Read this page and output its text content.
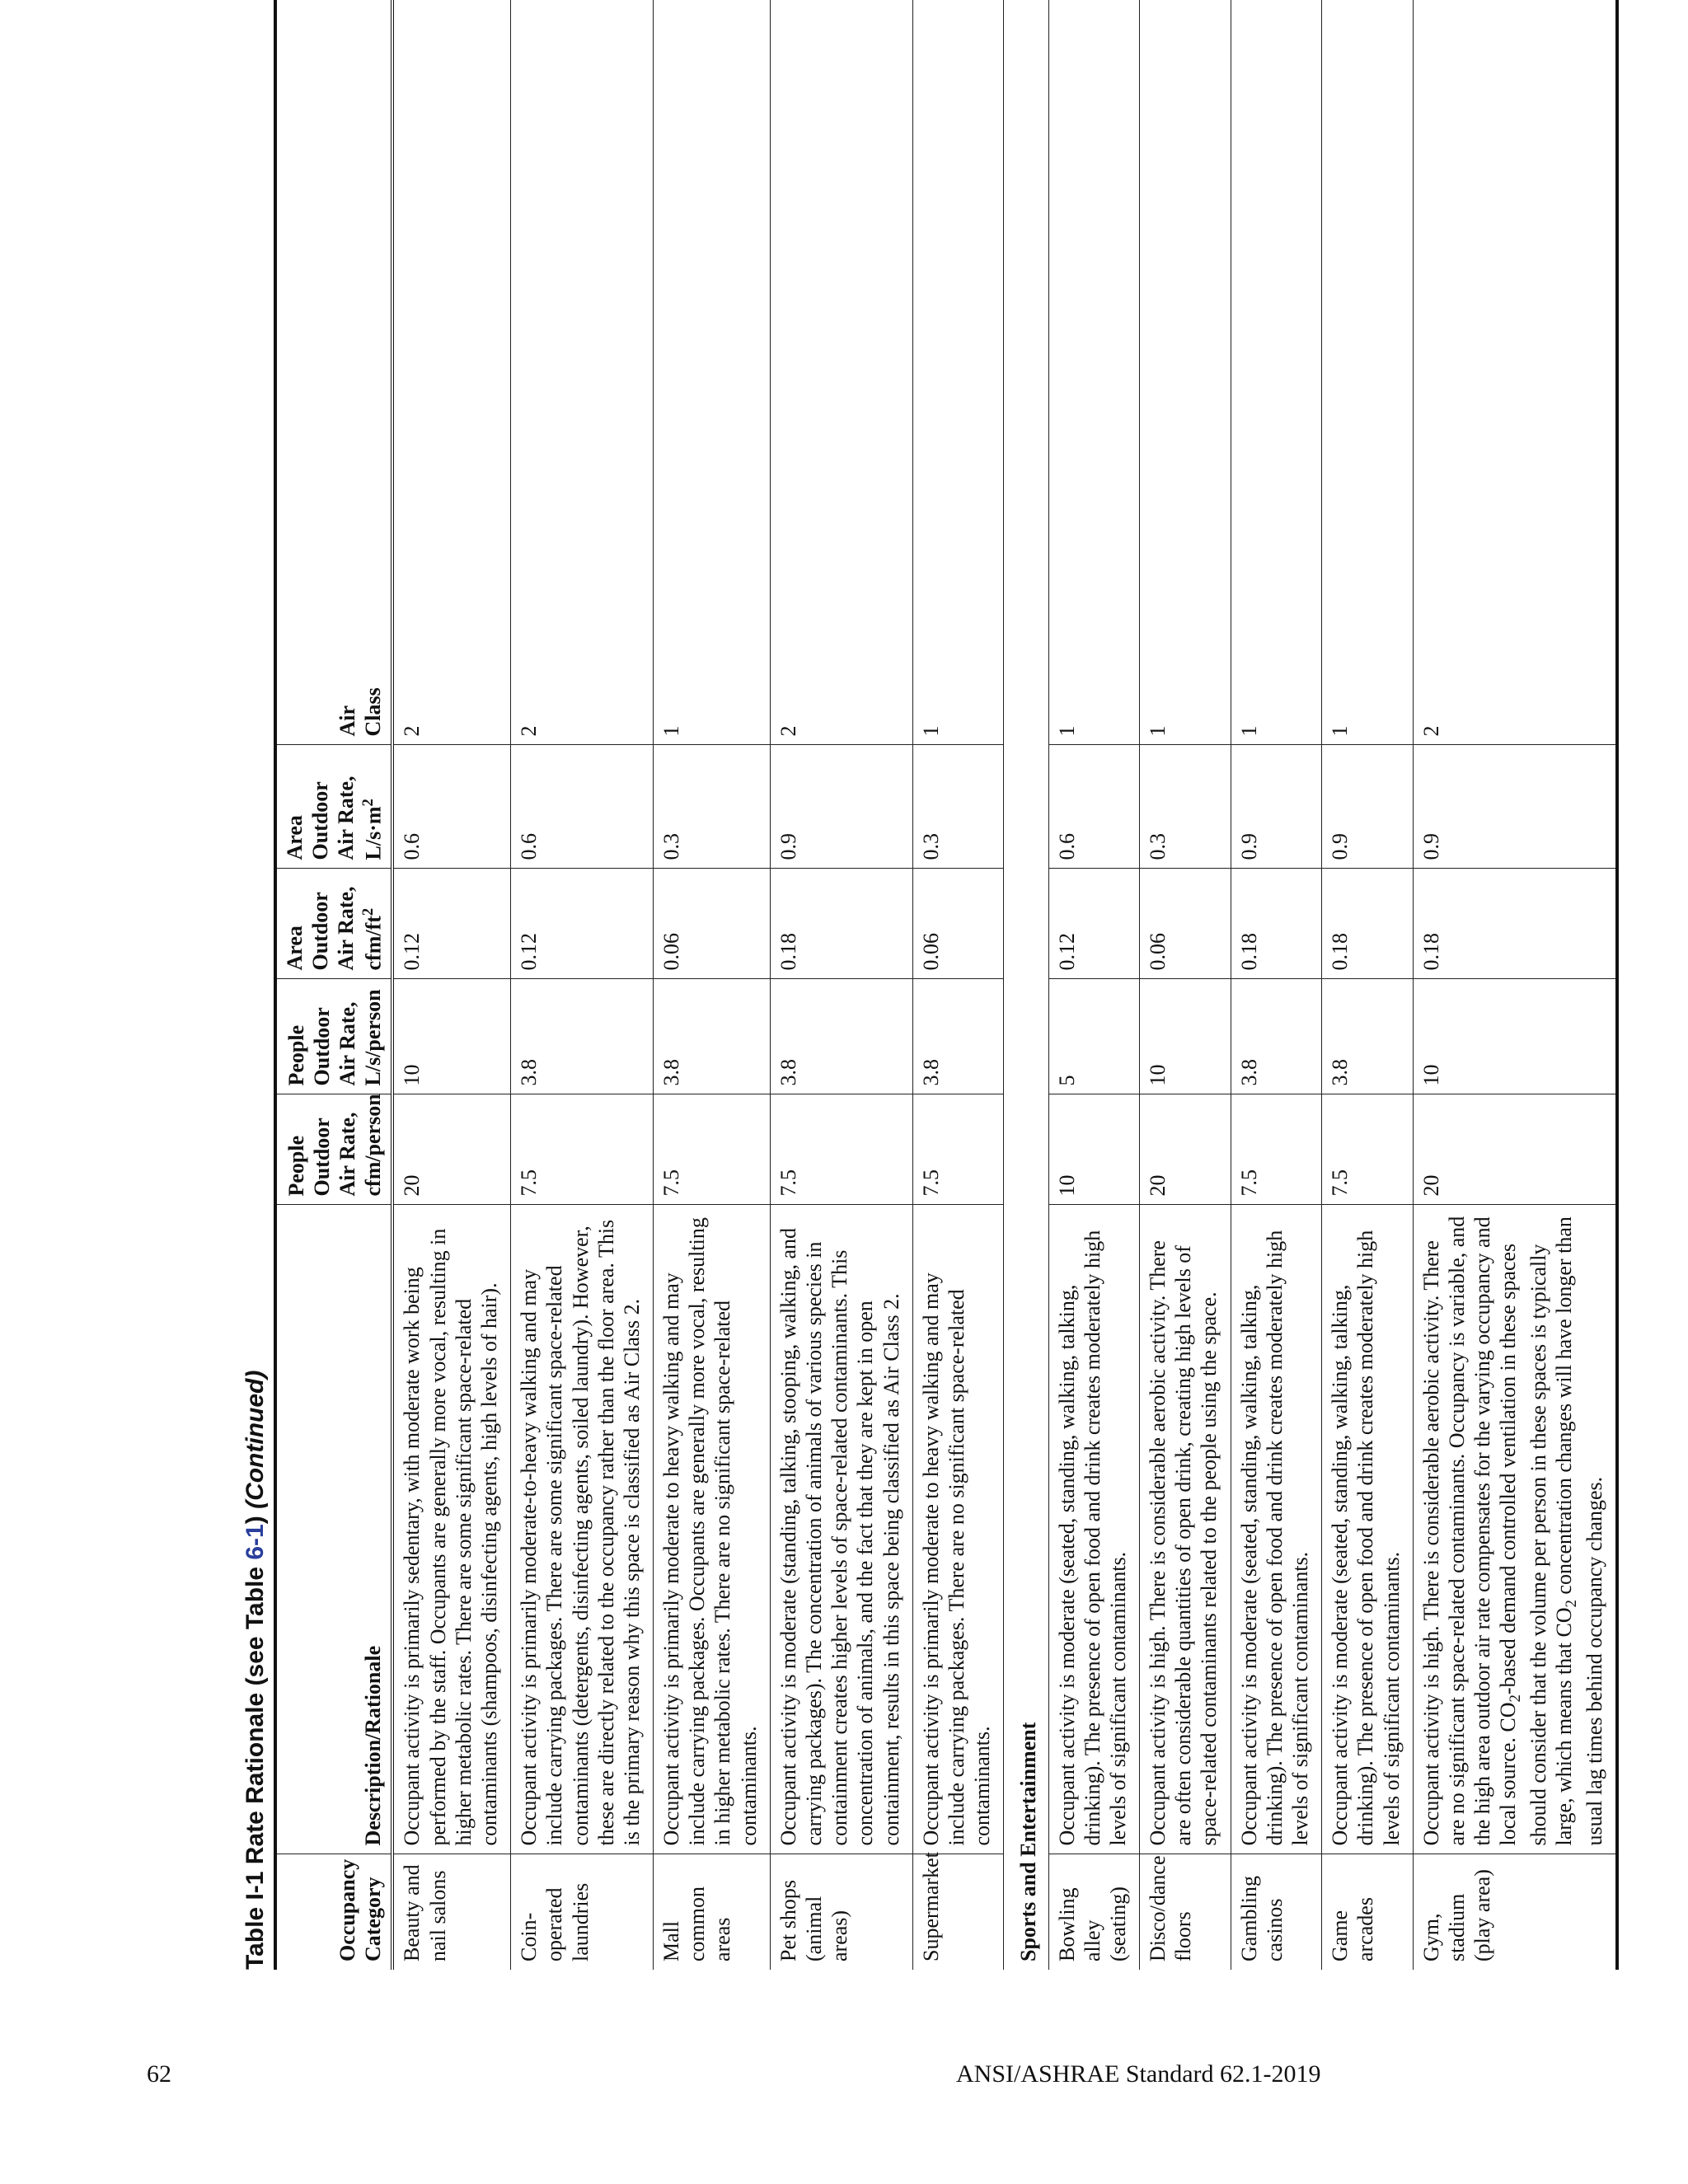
Table I-1 Rate Rationale (see Table 6-1) (Continued)
Occupancy
Category	Description/Rationale	People
Outdoor
Air Rate,
cfm/person	People
Outdoor
Air Rate,
L/s/person	Area
Outdoor
Air Rate, cfm/$ft^2$	Area
Outdoor
Air Rate, $L/s\cdot m^2$	Air
Class
Beauty and nail salons	Occupant activity is primarily sedentary, with moderate work being performed by the staff. Occupants are generally more vocal, resulting in higher metabolic rates. There are some significant space-related contaminants (shampoos, disinfecting agents, high levels of hair).	20	10	0.12	0.6	2
Coin-operated laundries	Occupant activity is primarily moderate-to-heavy walking and may include carrying packages. There are some significant space-related contaminants (detergents, disinfecting agents, soiled laundry). However, these are directly related to the occupancy rather than the floor area. This is the primary reason why this space is classified as Air Class 2.	7.5	3.8	0.12	0.6	2
Mall common areas	Occupant activity is primarily moderate to heavy walking and may include carrying packages. Occupants are generally more vocal, resulting in higher metabolic rates. There are no significant space-related contaminants.	7.5	3.8	0.06	0.3	1
Pet shops (animal areas)	Occupant activity is moderate (standing, talking, stooping, walking, and carrying packages). The concentration of animals of various species in containment creates higher levels of space-related contaminants. This concentration of animals, and the fact that they are kept in open containment, results in this space being classified as Air Class 2.	7.5	3.8	0.18	0.9	2
Supermarket	Occupant activity is primarily moderate to heavy walking and may include carrying packages. There are no significant space-related contaminants.	7.5	3.8	0.06	0.3	1
Sports and Entertainment						
Bowling alley (seating)	Occupant activity is moderate (seated, standing, walking, talking, drinking). The presence of open food and drink creates moderately high levels of significant contaminants.	10	5	0.12	0.6	1
Disco/dance floors	Occupant activity is high. There is considerable aerobic activity. There are often considerable quantities of open drink, creating high levels of space-related contaminants related to the people using the space.	20	10	0.06	0.3	1
Gambling casinos	Occupant activity is moderate (seated, standing, walking, talking, drinking). The presence of open food and drink creates moderately high levels of significant contaminants.	7.5	3.8	0.18	0.9	1
Game arcades	Occupant activity is moderate (seated, standing, walking, talking, drinking). The presence of open food and drink creates moderately high levels of significant contaminants.	7.5	3.8	0.18	0.9	1
Gym, stadium (play area)	Occupant activity is high. There is considerable aerobic activity. There are no significant space-related contaminants. Occupancy is variable, and the high area outdoor air rate compensates for the varying occupancy and local source. $CO_2$-based demand controlled ventilation in these spaces should consider that the volume per person in these spaces is typically large, which means that $CO_2$ concentration changes will have longer than usual lag times behind occupancy changes.	20	10	0.18	0.9	2
62	ANSI/ASHRAE Standard 62.1-2019
